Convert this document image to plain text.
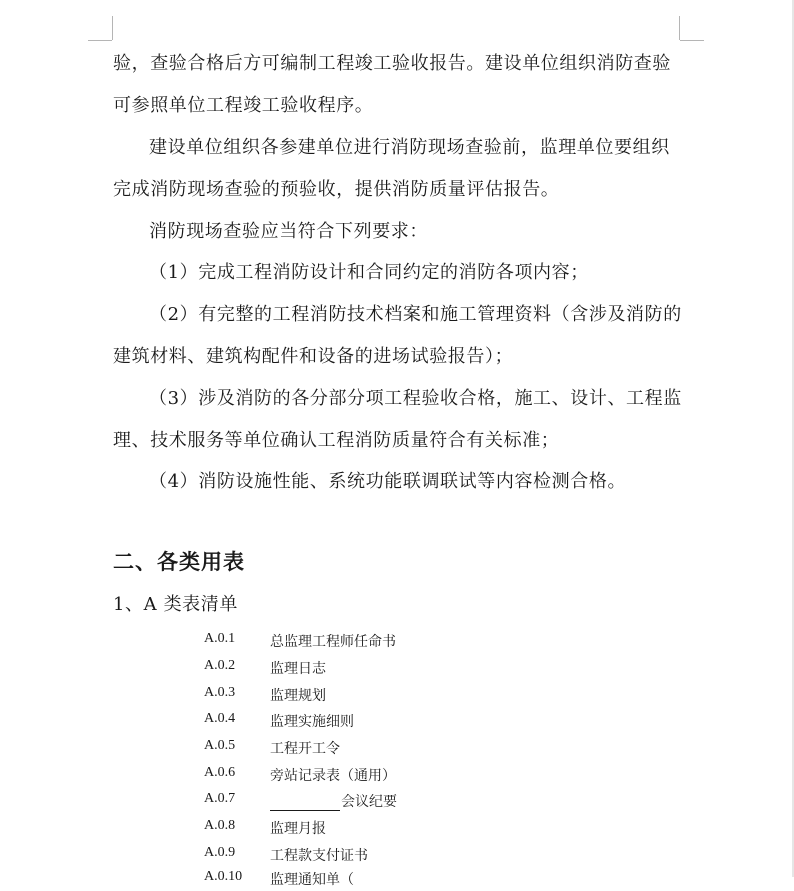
验，查验合格后方可编制工程竣工验收报告。建设单位组织消防查验
可参照单位工程竣工验收程序。
建设单位组织各参建单位进行消防现场查验前，监理单位要组织
完成消防现场查验的预验收，提供消防质量评估报告。
消防现场查验应当符合下列要求：
（1）完成工程消防设计和合同约定的消防各项内容；
（2）有完整的工程消防技术档案和施工管理资料（含涉及消防的
建筑材料、建筑构配件和设备的进场试验报告）；
（3）涉及消防的各分部分项工程验收合格，施工、设计、工程监
理、技术服务等单位确认工程消防质量符合有关标准；
（4）消防设施性能、系统功能联调联试等内容检测合格。
二、各类用表
1、A 类表清单
A.0.1 总监理工程师任命书
A.0.2 监理日志
A.0.3 监理规划
A.0.4 监理实施细则
A.0.5 工程开工令
A.0.6 旁站记录表（通用）
A.0.7	会议纪要
A.0.8 监理月报
A.0.9 工程款支付证书
A.0.10 监理通知单（
